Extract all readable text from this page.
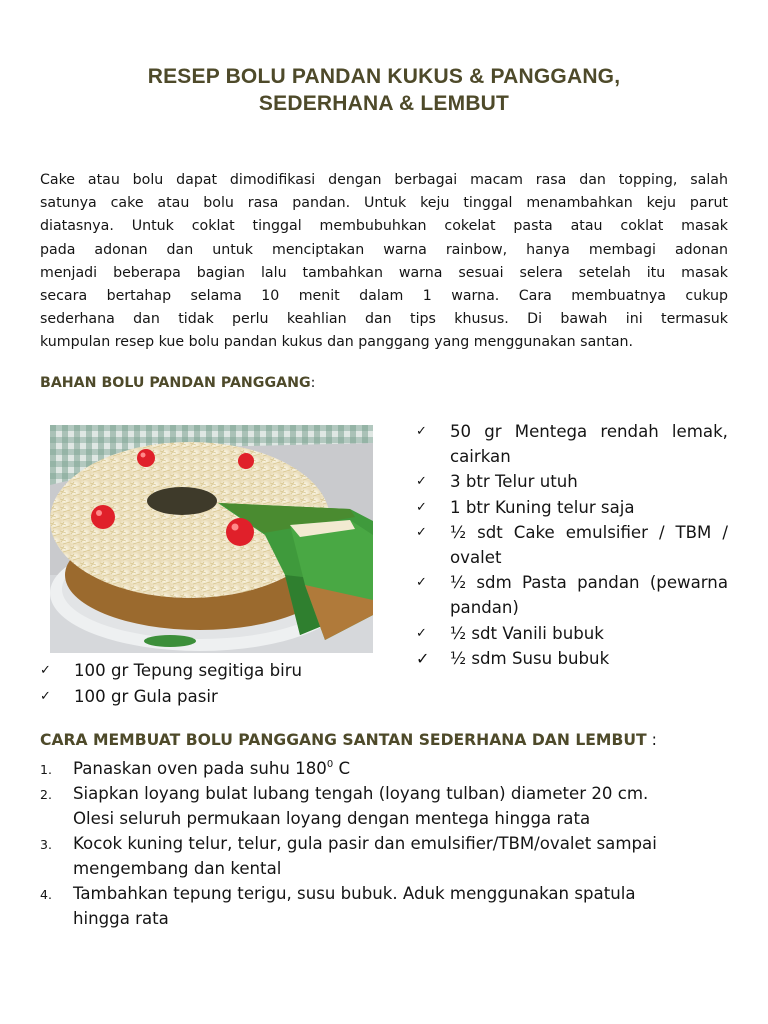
RESEP BOLU PANDAN KUKUS & PANGGANG,
SEDERHANA & LEMBUT
Cake atau bolu dapat dimodifikasi dengan berbagai macam rasa dan topping, salah
satunya cake atau bolu rasa pandan. Untuk keju tinggal menambahkan keju parut
diatasnya. Untuk coklat tinggal membubuhkan cokelat pasta atau coklat masak
pada adonan dan untuk menciptakan warna rainbow, hanya membagi adonan
menjadi beberapa bagian lalu tambahkan warna sesuai selera setelah itu masak
secara bertahap selama 10 menit dalam 1 warna. Cara membuatnya cukup
sederhana dan tidak perlu keahlian dan tips khusus. Di bawah ini termasuk
kumpulan resep kue bolu pandan kukus dan panggang yang menggunakan santan.
BAHAN BOLU PANDAN PANGGANG:
✓ 50 gr Mentega rendah lemak,
cairkan
✓ 3 btr Telur utuh
✓ 1 btr Kuning telur saja
✓ ½ sdt Cake emulsifier / TBM /
ovalet
✓ ½ sdm Pasta pandan (pewarna
pandan)
✓ ½ sdt Vanili bubuk
✓ ½ sdm Susu bubuk
✓ 100 gr Tepung segitiga biru
✓ 100 gr Gula pasir
CARA MEMBUAT BOLU PANGGANG SANTAN SEDERHANA DAN LEMBUT :
1. Panaskan oven pada suhu $180^0$ C
2. Siapkan loyang bulat lubang tengah (loyang tulban) diameter 20 cm.
Olesi seluruh permukaan loyang dengan mentega hingga rata
3. Kocok kuning telur, telur, gula pasir dan emulsifier/TBM/ovalet sampai
mengembang dan kental
4. Tambahkan tepung terigu, susu bubuk. Aduk menggunakan spatula
hingga rata
